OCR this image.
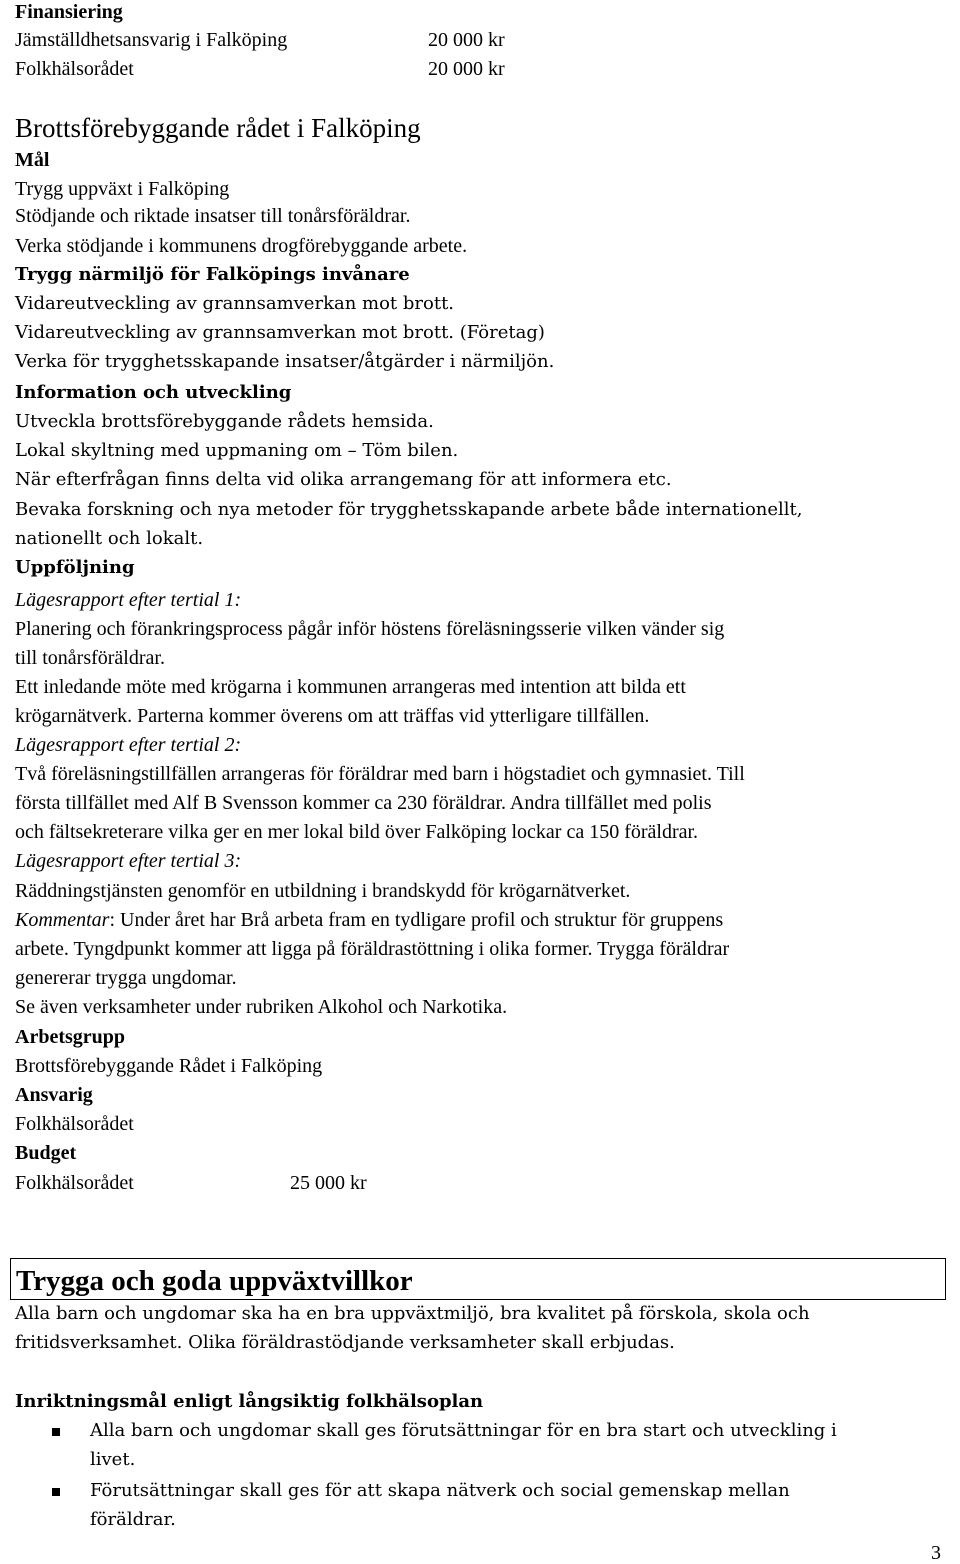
Finansiering
Jämställdhetsansvarig i Falköping	20 000 kr
Folkhälsorådet	20 000 kr
Brottsförebyggande rådet i Falköping
Mål
Trygg uppväxt i Falköping
Stödjande och riktade insatser till tonårsföräldrar.
Verka stödjande i kommunens drogförebyggande arbete.
Trygg närmiljö för Falköpings invånare
Vidareutveckling av grannsamverkan mot brott.
Vidareutveckling av grannsamverkan mot brott. (Företag)
Verka för trygghetsskapande insatser/åtgärder i närmiljön.
Information och utveckling
Utveckla brottsförebyggande rådets hemsida.
Lokal skyltning med uppmaning om – Töm bilen.
När efterfrågan finns delta vid olika arrangemang för att informera etc.
Bevaka forskning och nya metoder för trygghetsskapande arbete både internationellt,
nationellt och lokalt.
Uppföljning
Lägesrapport efter tertial 1:
Planering och förankringsprocess pågår inför höstens föreläsningsserie vilken vänder sig
till tonårsföräldrar.
Ett inledande möte med krögarna i kommunen arrangeras med intention att bilda ett
krögarnätverk. Parterna kommer överens om att träffas vid ytterligare tillfällen.
Lägesrapport efter tertial 2:
Två föreläsningstillfällen arrangeras för föräldrar med barn i högstadiet och gymnasiet. Till
första tillfället med Alf B Svensson kommer ca 230 föräldrar. Andra tillfället med polis
och fältsekreterare vilka ger en mer lokal bild över Falköping lockar ca 150 föräldrar.
Lägesrapport efter tertial 3:
Räddningstjänsten genomför en utbildning i brandskydd för krögarnätverket.
Kommentar: Under året har Brå arbeta fram en tydligare profil och struktur för gruppens
arbete. Tyngdpunkt kommer att ligga på föräldrastöttning i olika former. Trygga föräldrar
genererar trygga ungdomar.
Se även verksamheter under rubriken Alkohol och Narkotika.
Arbetsgrupp
Brottsförebyggande Rådet i Falköping
Ansvarig
Folkhälsorådet
Budget
Folkhälsorådet	25 000 kr
Trygga och goda uppväxtvillkor
Alla barn och ungdomar ska ha en bra uppväxtmiljö, bra kvalitet på förskola, skola och
fritidsverksamhet. Olika föräldrastödjande verksamheter skall erbjudas.
Inriktningsmål enligt långsiktig folkhälsoplan
Alla barn och ungdomar skall ges förutsättningar för en bra start och utveckling i
livet.
Förutsättningar skall ges för att skapa nätverk och social gemenskap mellan
föräldrar.
3
